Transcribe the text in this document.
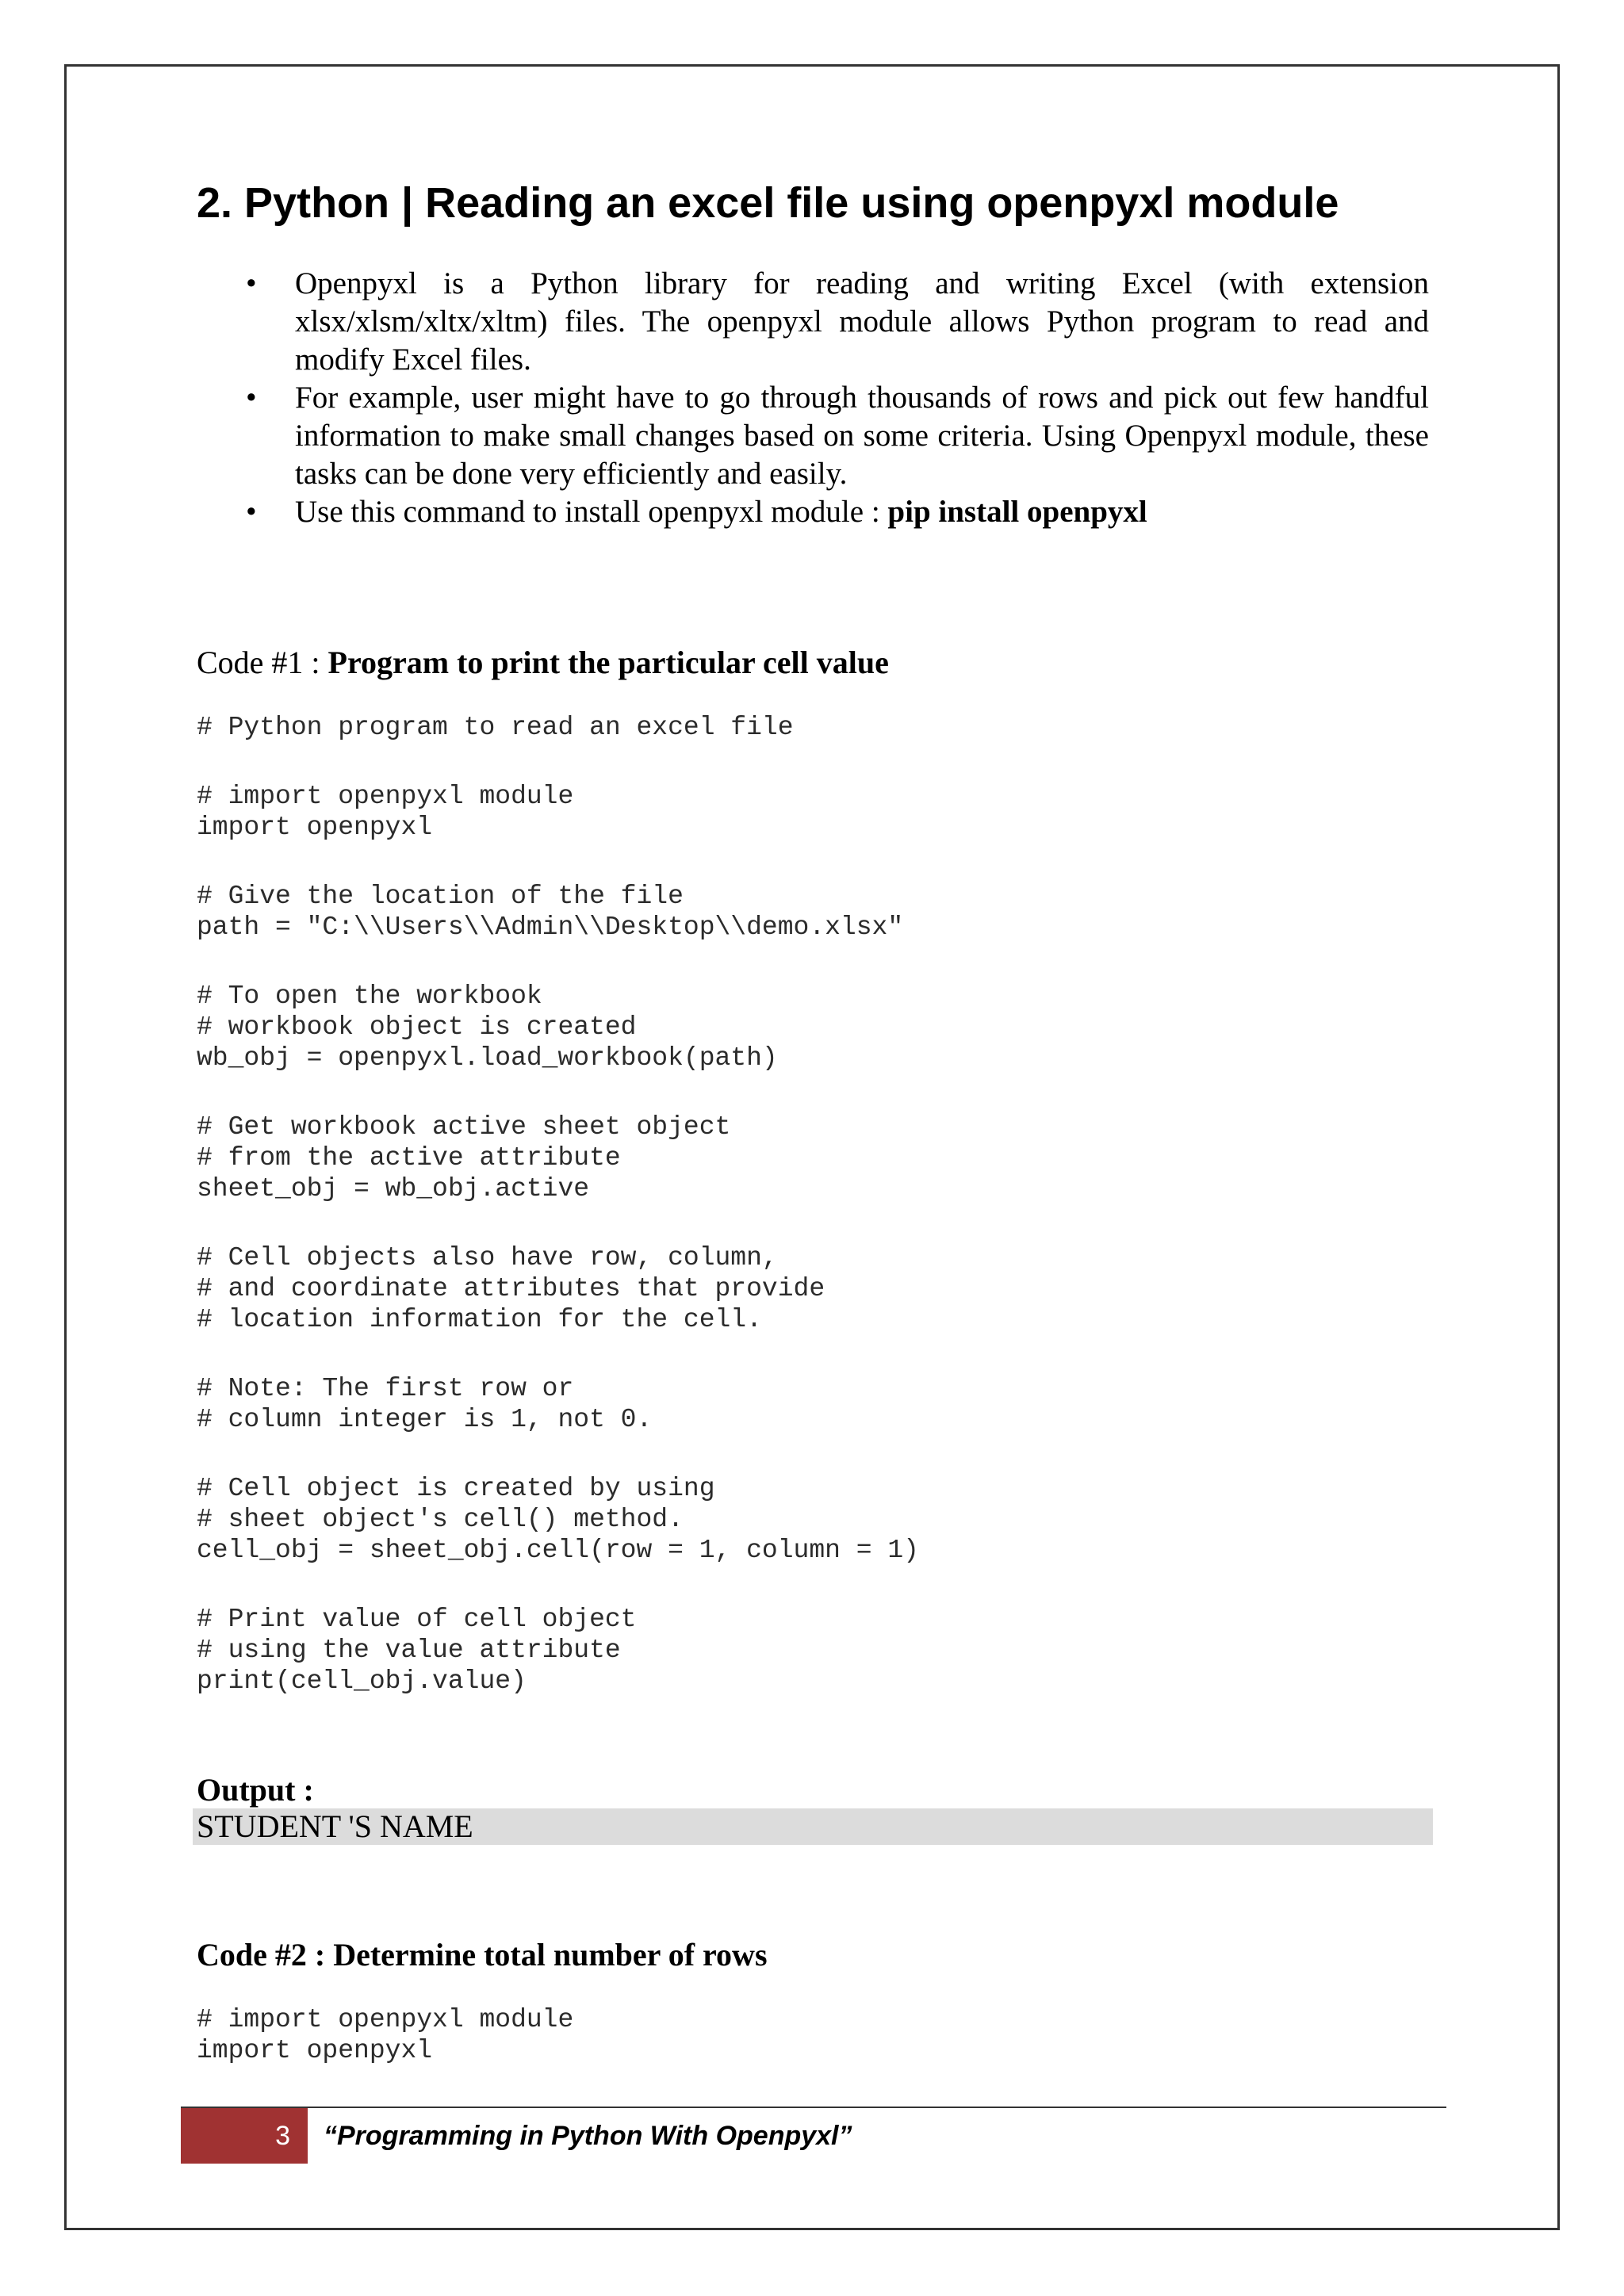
2. Python | Reading an excel file using openpyxl module
• Openpyxl is a Python library for reading and writing Excel (with extension xlsx/xlsm/xltx/xltm) files. The openpyxl module allows Python program to read and modify Excel files.
• For example, user might have to go through thousands of rows and pick out few handful information to make small changes based on some criteria. Using Openpyxl module, these tasks can be done very efficiently and easily.
• Use this command to install openpyxl module : pip install openpyxl
Code #1 : Program to print the particular cell value
# Python program to read an excel file
# import openpyxl module
import openpyxl
# Give the location of the file
path = "C:\\Users\\Admin\\Desktop\\demo.xlsx"
# To open the workbook
# workbook object is created
wb_obj = openpyxl.load_workbook(path)
# Get workbook active sheet object
# from the active attribute
sheet_obj = wb_obj.active
# Cell objects also have row, column,
# and coordinate attributes that provide
# location information for the cell.
# Note: The first row or
# column integer is 1, not 0.
# Cell object is created by using
# sheet object's cell() method.
cell_obj = sheet_obj.cell(row = 1, column = 1)
# Print value of cell object
# using the value attribute
print(cell_obj.value)
Output :
STUDENT 'S NAME
Code #2 : Determine total number of rows
# import openpyxl module
import openpyxl
3	“Programming in Python With Openpyxl”
